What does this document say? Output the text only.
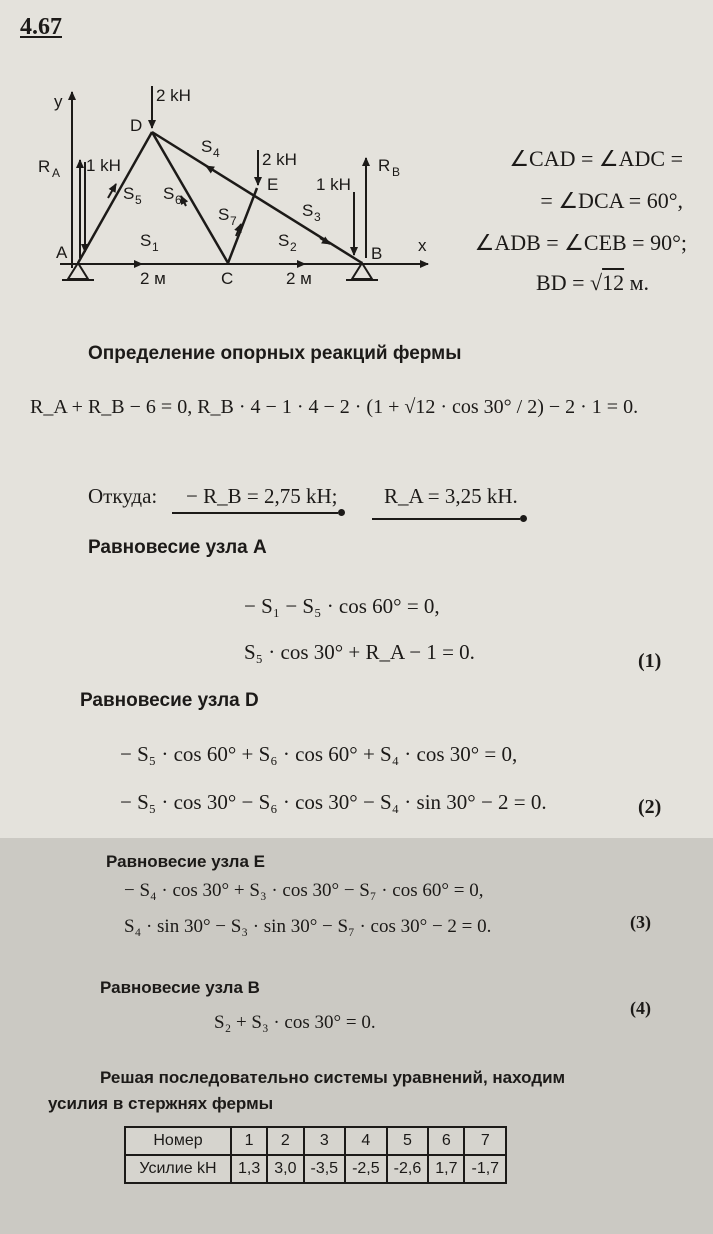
4.67
y
x
R A	R B
A	B
C
D
E
2 kH
2 kH
1 kH
1 kH
S 1	S 2
S 3
S 4
S 5 S 6
S 7
2 м	2 м
∠CAD = ∠ADC =
= ∠DCA = 60°,
∠ADB = ∠CEB = 90°;
BD = √12 м.
Определение опорных реакций фермы
R_A + R_B − 6 = 0, R_B · 4 − 1 · 4 − 2 · (1 + √12 · cos 30° / 2) − 2 · 1 = 0.
Откуда: − R_B = 2,75 kH; R_A = 3,25 kH.
Равновесие узла A
− S₁ − S₅ · cos 60° = 0,
S₅ · cos 30° + R_A − 1 = 0.	(1)
Равновесие узла D
− S₅ · cos 60° + S₆ · cos 60° + S₄ · cos 30° = 0,
− S₅ · cos 30° − S₆ · cos 30° − S₄ · sin 30° − 2 = 0.	(2)
Равновесие узла E
− S₄ · cos 30° + S₃ · cos 30° − S₇ · cos 60° = 0,
S₄ · sin 30° − S₃ · sin 30° − S₇ · cos 30° − 2 = 0.	(3)
Равновесие узла B
S₂ + S₃ · cos 30° = 0.
(4)
Решая последовательно системы уравнений, находим
усилия в стержнях фермы
Номер	1	2	3	4	5	6	7
Усилие kH	1,3	3,0	-3,5	-2,5	-2,6	1,7	-1,7
